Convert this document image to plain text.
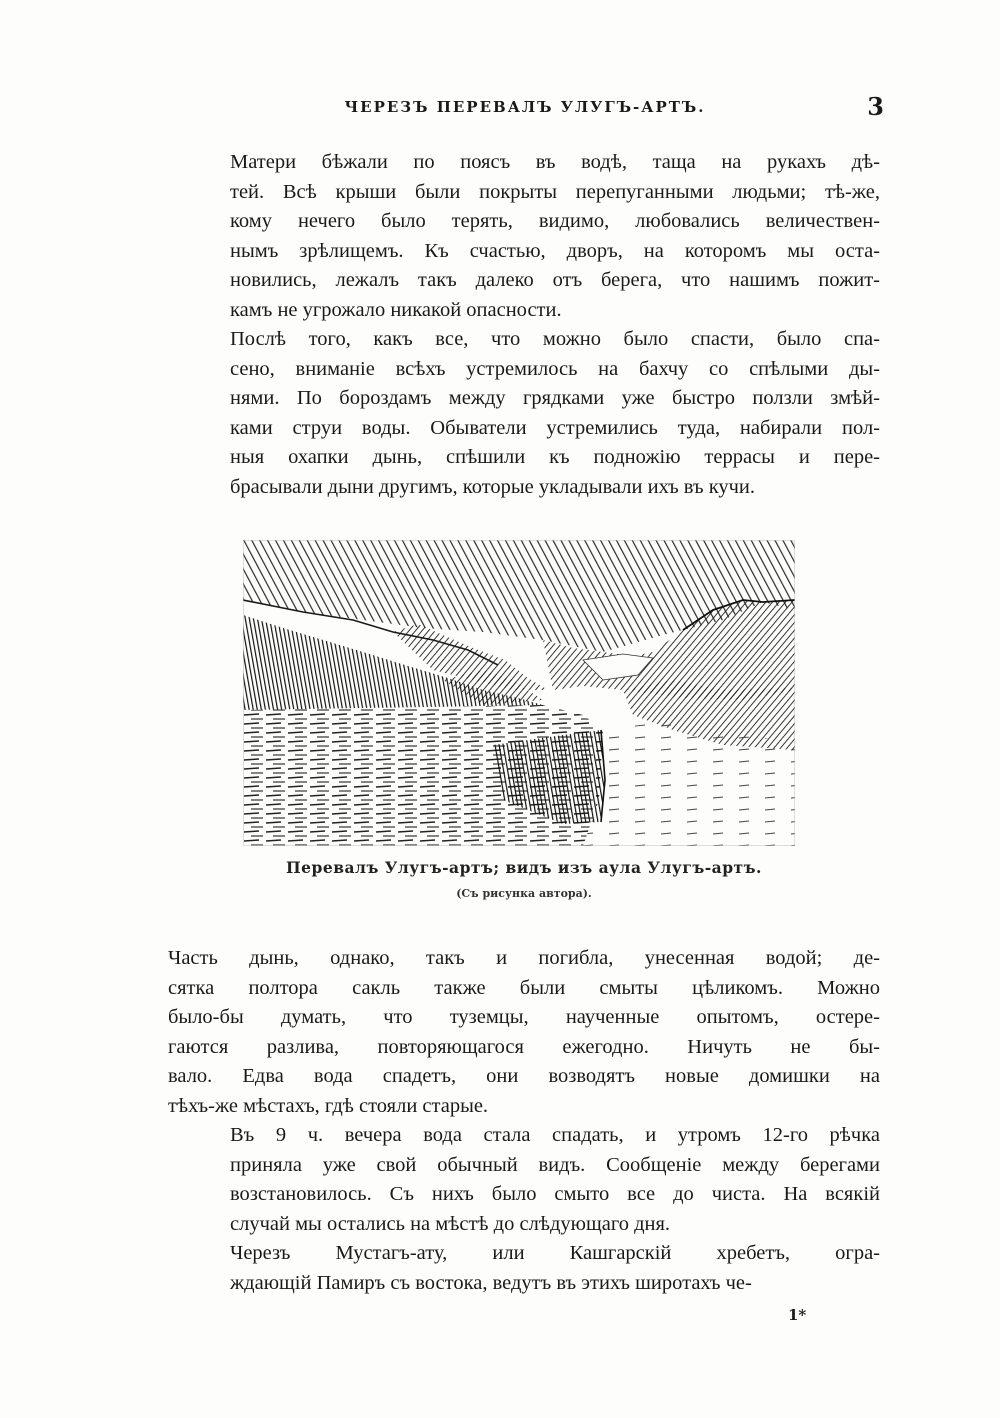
ЧЕРЕЗЪ ПЕРЕВАЛЪ УЛУГЪ-АРТЪ.	3

Матери бѣжали по поясъ въ водѣ, таща на рукахъ дѣ-
тей. Всѣ крыши были покрыты перепуганными людьми; тѣ-же,
кому нечего было терять, видимо, любовались величествен-
нымъ зрѣлищемъ. Къ счастью, дворъ, на которомъ мы оста-
новились, лежалъ такъ далеко отъ берега, что нашимъ пожит-
камъ не угрожало никакой опасности.

Послѣ того, какъ все, что можно было спасти, было спа-
сено, вниманіе всѣхъ устремилось на бахчу со спѣлыми ды-
нями. По бороздамъ между грядками уже быстро ползли змѣй-
ками струи воды. Обыватели устремились туда, набирали пол-
ныя охапки дынь, спѣшили къ подножію террасы и пере-
брасывали дыни другимъ, которые укладывали ихъ въ кучи.

Перевалъ Улугъ-артъ; видъ изъ аула Улугъ-артъ.
(Съ рисунка автора).

Часть дынь, однако, такъ и погибла, унесенная водой; де-
сятка полтора сакль также были смыты цѣликомъ. Можно
было-бы думать, что туземцы, наученные опытомъ, остере-
гаются разлива, повторяющагося ежегодно. Ничуть не бы-
вало. Едва вода спадетъ, они возводятъ новые домишки на
тѣхъ-же мѣстахъ, гдѣ стояли старые.

Въ 9 ч. вечера вода стала спадать, и утромъ 12-го рѣчка
приняла уже свой обычный видъ. Сообщеніе между берегами
возстановилось. Съ нихъ было смыто все до чиста. На всякій
случай мы остались на мѣстѣ до слѣдующаго дня.

Черезъ Мустагъ-ату, или Кашгарскій хребетъ, огра-
ждающій Памиръ съ востока, ведутъ въ этихъ широтахъ че-

1*
